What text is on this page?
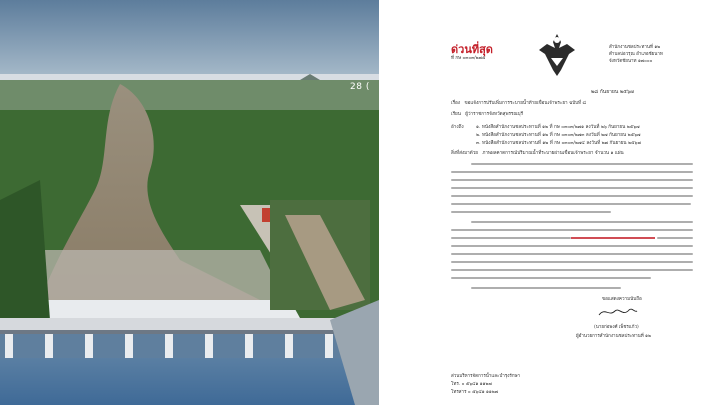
28 (
ด่วนที่สุด
ที่ กษ ๐๓๐๓/๒๗๕
สำนักงานชลประทานที่ ๑๒
ตำบลบ่อวรุณ อำเภอชัยนาท
จังหวัดชัยนาท ๑๗๐๐๐
๒๘ กันยายน ๒๕๖๗
เรื่อง ขอแจ้งการปรับเพิ่มการระบายน้ำท้ายเขื่อนเจ้าพระยา ฉบับที่ ๘
เรียน ผู้ว่าราชการจังหวัดสุพรรณบุรี
อ้างถึง	๑. หนังสือสำนักงานชลประทานที่ ๑๒ ที่ กษ ๐๓๐๓/๒๗๑ ลงวันที่ ๒๖ กันยายน ๒๕๖๗
๒. หนังสือสำนักงานชลประทานที่ ๑๒ ที่ กษ ๐๓๐๓/๒๗๓ ลงวันที่ ๒๗ กันยายน ๒๕๖๗
๓. หนังสือสำนักงานชลประทานที่ ๑๒ ที่ กษ ๐๓๐๓/๒๗๔ ลงวันที่ ๒๗ กันยายน ๒๕๖๗
สิ่งที่ส่งมาด้วย ภาพผลคาดการณ์ปริมาณน้ำที่ระบายผ่านเขื่อนเจ้าพระยา จำนวน ๑ แผ่น
ขอแสดงความนับถือ
(นายก่อพงศ์ เพ็ชรแก้ว)
ผู้อำนวยการสำนักงานชลประทานที่ ๑๒
ส่วนบริหารจัดการน้ำและบำรุงรักษา
โทร. ๐ ๕๖๔๑ ๑๑๒๗
โทรสาร ๐ ๕๖๔๑ ๑๑๒๗
